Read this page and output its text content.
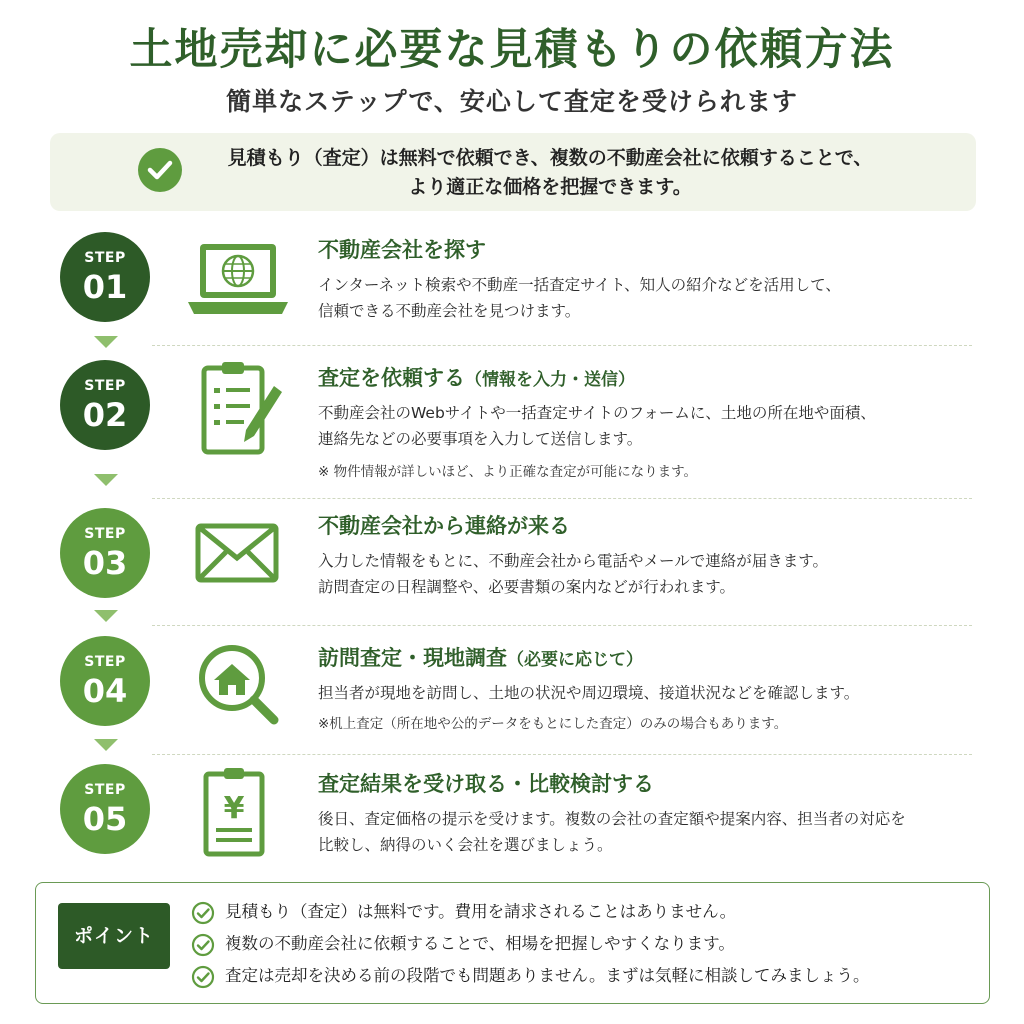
土地売却に必要な見積もりの依頼方法
簡単なステップで、安心して査定を受けられます
見積もり（査定）は無料で依頼でき、複数の不動産会社に依頼することで、
より適正な価格を把握できます。
STEP
01
不動産会社を探す
インターネット検索や不動産一括査定サイト、知人の紹介などを活用して、
信頼できる不動産会社を見つけます。
STEP
02
査定を依頼する（情報を入力・送信）
不動産会社のWebサイトや一括査定サイトのフォームに、土地の所在地や面積、
連絡先などの必要事項を入力して送信します。
※ 物件情報が詳しいほど、より正確な査定が可能になります。
STEP
03
不動産会社から連絡が来る
入力した情報をもとに、不動産会社から電話やメールで連絡が届きます。
訪問査定の日程調整や、必要書類の案内などが行われます。
STEP
04
訪問査定・現地調査（必要に応じて）
担当者が現地を訪問し、土地の状況や周辺環境、接道状況などを確認します。
※机上査定（所在地や公的データをもとにした査定）のみの場合もあります。
STEP
05	¥
査定結果を受け取る・比較検討する
後日、査定価格の提示を受けます。複数の会社の査定額や提案内容、担当者の対応を
比較し、納得のいく会社を選びましょう。
ポイント
見積もり（査定）は無料です。費用を請求されることはありません。
複数の不動産会社に依頼することで、相場を把握しやすくなります。
査定は売却を決める前の段階でも問題ありません。まずは気軽に相談してみましょう。
